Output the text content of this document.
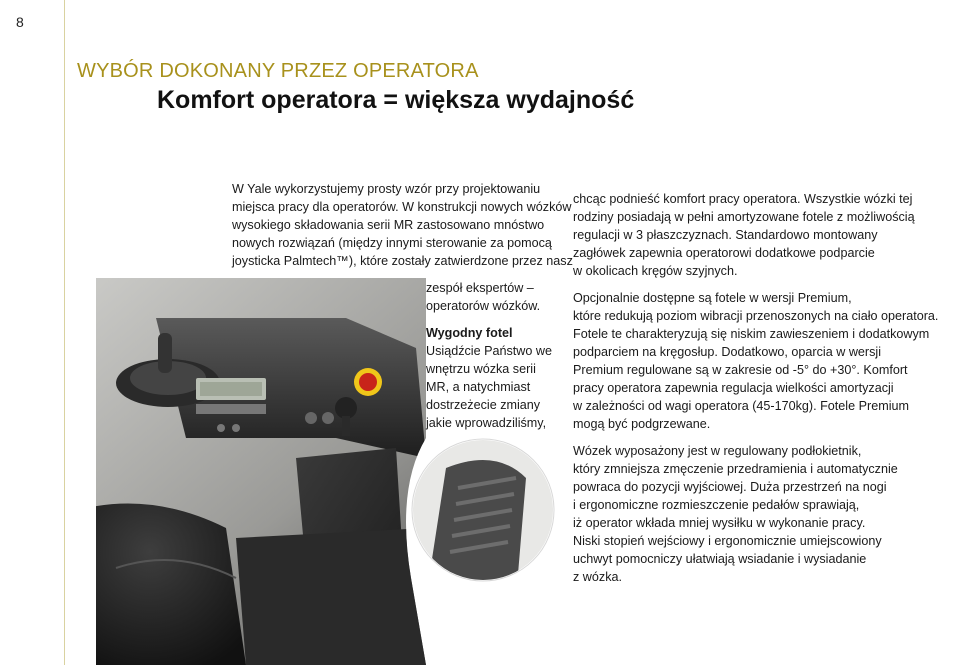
8
WYBÓR DOKONANY PRZEZ OPERATORA
Komfort operatora = większa wydajność

W Yale wykorzystujemy prosty wzór przy projektowaniu

miejsca pracy dla operatorów. W konstrukcji nowych wózków

wysokiego składowania serii MR zastosowano mnóstwo

nowych rozwiązań (między innymi sterowanie za pomocą

joysticka Palmtech™), które zostały zatwierdzone przez nasz

zespół ekspertów –

operatorów wózków.

Wygodny fotel

Usiądźcie Państwo we

wnętrzu wózka serii

MR, a natychmiast

dostrzeżecie zmiany

jakie wprowadziliśmy,

chcąc podnieść komfort pracy operatora. Wszystkie wózki tej

rodziny posiadają w pełni amortyzowane fotele z możliwością

regulacji w 3 płaszczyznach. Standardowo montowany

zagłówek zapewnia operatorowi dodatkowe podparcie

w okolicach kręgów szyjnych.

Opcjonalnie dostępne są fotele w wersji Premium,

które redukują poziom wibracji przenoszonych na ciało operatora.

Fotele te charakteryzują się niskim zawieszeniem i dodatkowym

podparciem na kręgosłup. Dodatkowo, oparcia w wersji

Premium regulowane są w zakresie od -5° do +30°. Komfort

pracy operatora zapewnia regulacja wielkości amortyzacji

w zależności od wagi operatora (45-170kg). Fotele Premium

mogą być podgrzewane.

Wózek wyposażony jest w regulowany podłokietnik,

który zmniejsza zmęczenie przedramienia i automatycznie

powraca do pozycji wyjściowej. Duża przestrzeń na nogi

i ergonomiczne rozmieszczenie pedałów sprawiają,

iż operator wkłada mniej wysiłku w wykonanie pracy.

Niski stopień wejściowy i ergonomicznie umiejscowiony

uchwyt pomocniczy ułatwiają wsiadanie i wysiadanie

z wózka.
